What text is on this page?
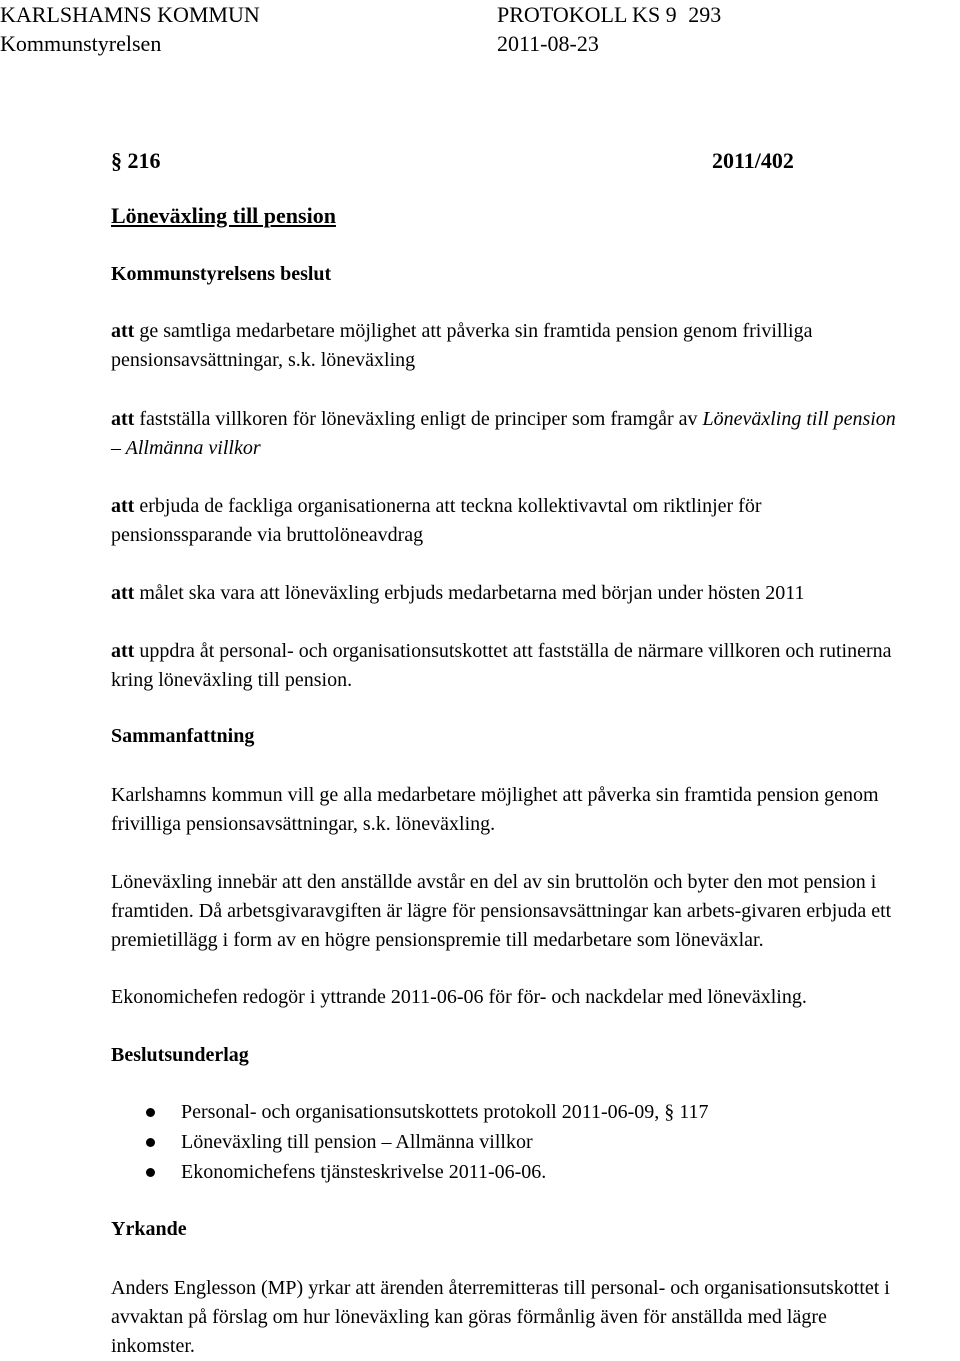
KARLSHAMNS KOMMUN	PROTOKOLL KS 9 293
Kommunstyrelsen	2011-08-23
§ 216	2011/402
Löneväxling till pension
Kommunstyrelsens beslut
att ge samtliga medarbetare möjlighet att påverka sin framtida pension genom frivilliga
pensionsavsättningar, s.k. löneväxling
att fastställa villkoren för löneväxling enligt de principer som framgår av Löneväxling till pension
– Allmänna villkor
att erbjuda de fackliga organisationerna att teckna kollektivavtal om riktlinjer för
pensionssparande via bruttolöneavdrag
att målet ska vara att löneväxling erbjuds medarbetarna med början under hösten 2011
att uppdra åt personal- och organisationsutskottet att fastställa de närmare villkoren och rutinerna
kring löneväxling till pension.
Sammanfattning
Karlshamns kommun vill ge alla medarbetare möjlighet att påverka sin framtida pension genom
frivilliga pensionsavsättningar, s.k. löneväxling.
Löneväxling innebär att den anställde avstår en del av sin bruttolön och byter den mot pension i
framtiden. Då arbetsgivaravgiften är lägre för pensionsavsättningar kan arbets-givaren erbjuda ett
premietillägg i form av en högre pensionspremie till medarbetare som löneväxlar.
Ekonomichefen redogör i yttrande 2011-06-06 för för- och nackdelar med löneväxling.
Beslutsunderlag
Personal- och organisationsutskottets protokoll 2011-06-09, § 117
Löneväxling till pension – Allmänna villkor
Ekonomichefens tjänsteskrivelse 2011-06-06.
Yrkande
Anders Englesson (MP) yrkar att ärenden återremitteras till personal- och organisationsutskottet i
avvaktan på förslag om hur löneväxling kan göras förmånlig även för anställda med lägre
inkomster.
